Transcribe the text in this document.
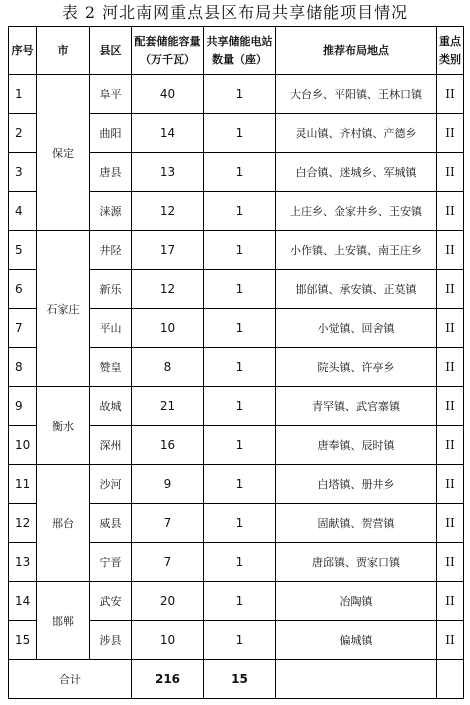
表 2 河北南网重点县区布局共享储能项目情况
序号	市	县区	配套储能容量（万千瓦）	共享储能电站数量（座）	推荐布局地点	重点类别
1	保定	阜平	40	1	大台乡、平阳镇、王林口镇	II
2		曲阳	14	1	灵山镇、齐村镇、产德乡	II
3		唐县	13	1	白合镇、迷城乡、军城镇	II
4		涞源	12	1	上庄乡、金家井乡、王安镇	II
5	石家庄	井陉	17	1	小作镇、上安镇、南王庄乡	II
6		新乐	12	1	邯邰镇、承安镇、正莫镇	II
7		平山	10	1	小觉镇、回舍镇	II
8		赞皇	8	1	院头镇、许亭乡	II
9	衡水	故城	21	1	青罕镇、武官寨镇	II
10		深州	16	1	唐奉镇、辰时镇	II
11	邢台	沙河	9	1	白塔镇、册井乡	II
12		威县	7	1	固献镇、贺营镇	II
13		宁晋	7	1	唐邱镇、贾家口镇	II
14	邯郸	武安	20	1	冶陶镇	II
15		涉县	10	1	偏城镇	II
合计			216	15		
